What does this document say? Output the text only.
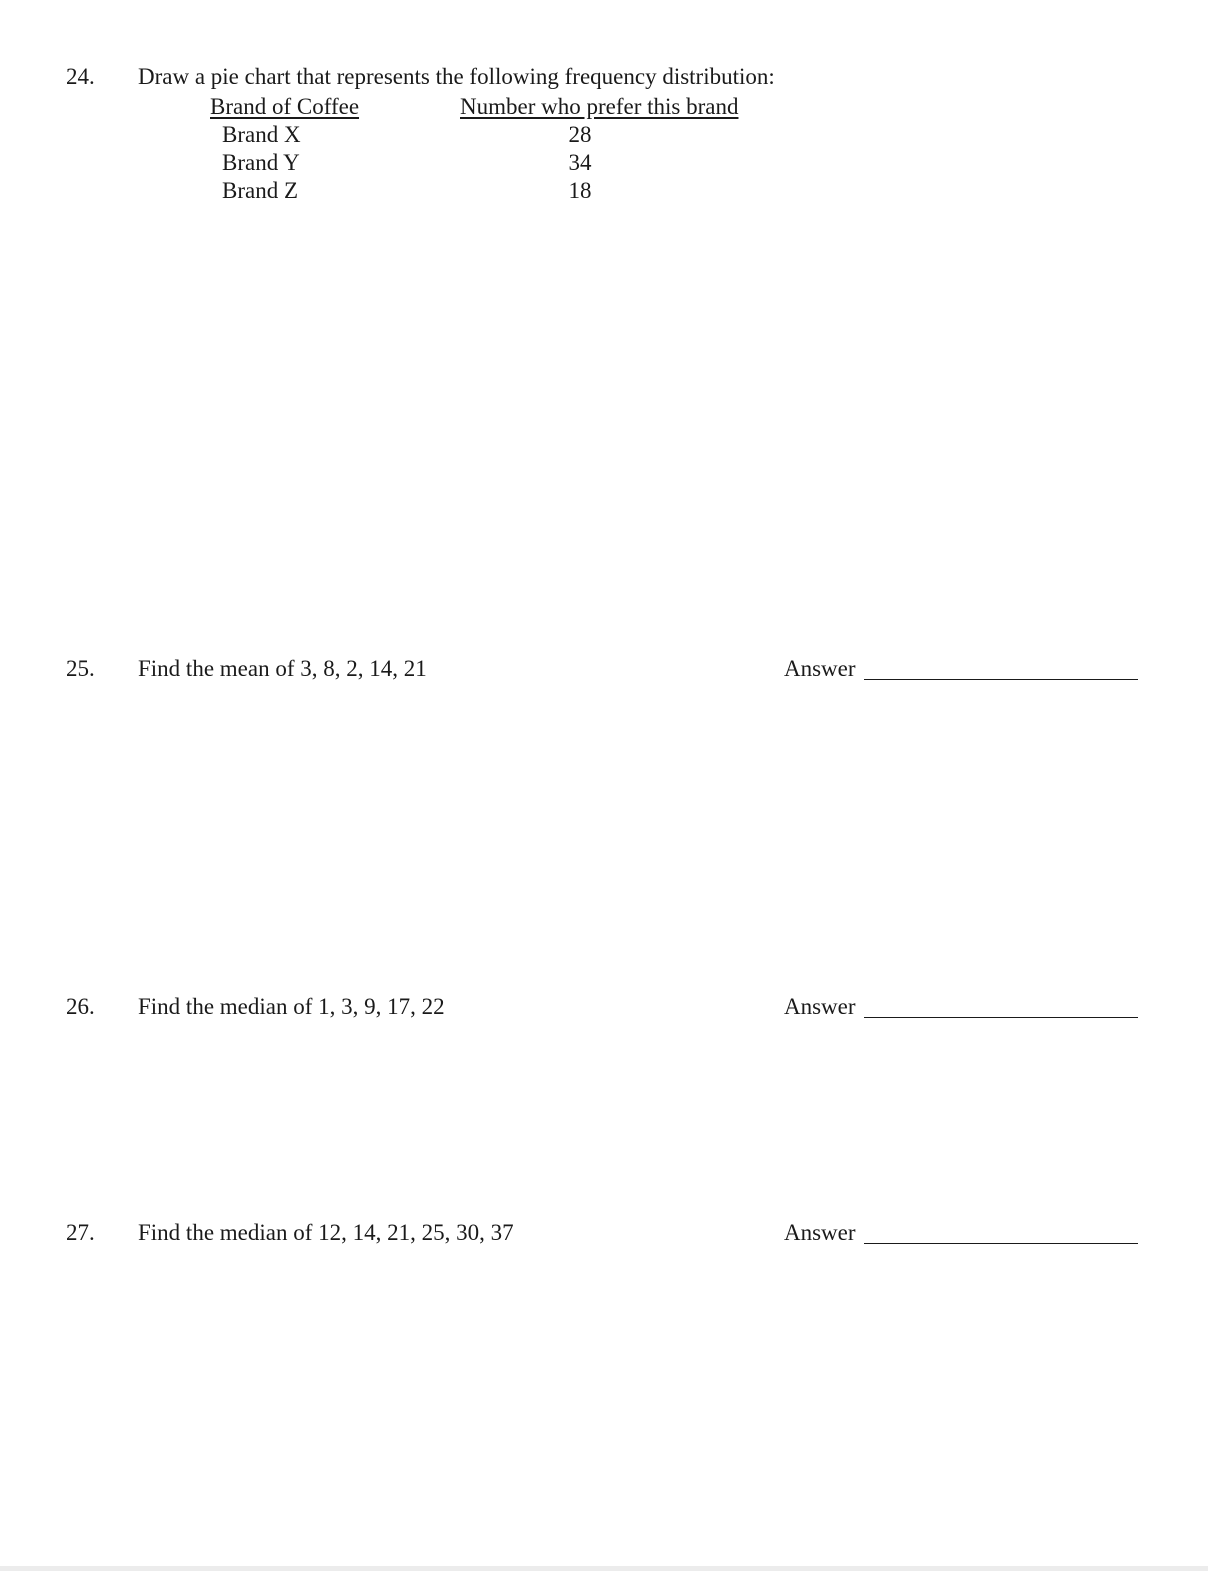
24. Draw a pie chart that represents the following frequency distribution:
Brand of Coffee	Number who prefer this brand
Brand X	28
Brand Y	34
Brand Z	18
25. Find the mean of 3, 8, 2, 14, 21	Answer
26. Find the median of 1, 3, 9, 17, 22	Answer
27. Find the median of 12, 14, 21, 25, 30, 37	Answer
